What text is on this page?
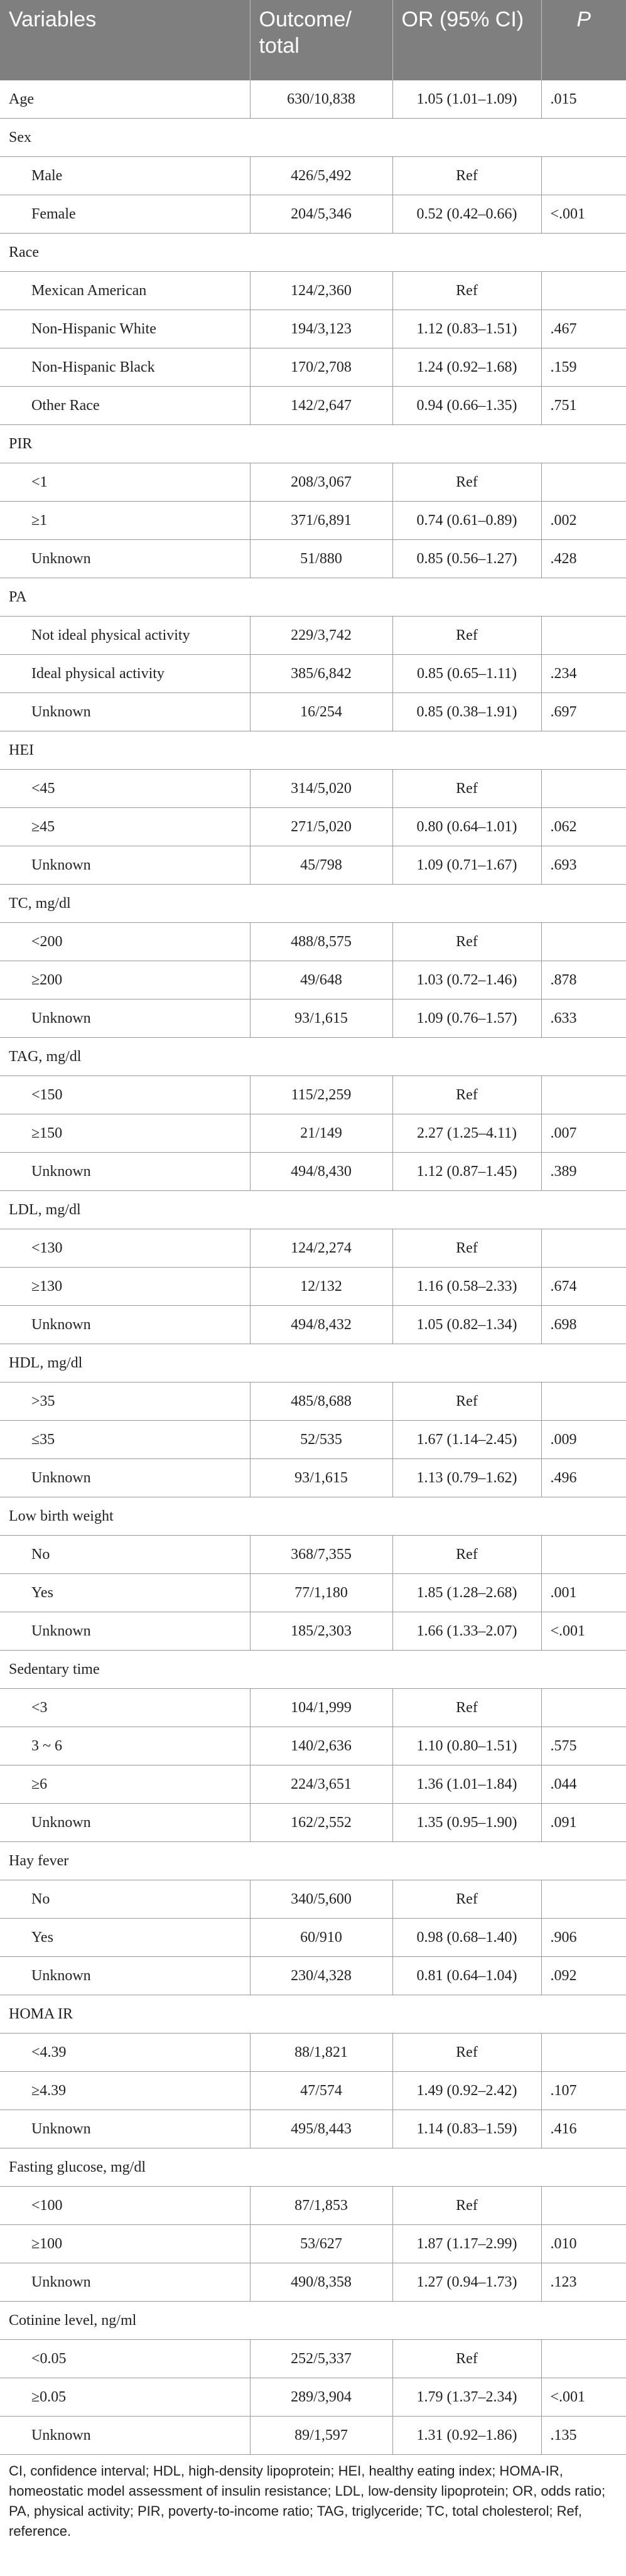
Variables	Outcome/ total	OR (95% CI)	P
Age	630/10,838	1.05 (1.01–1.09)	.015
Sex			
Male	426/5,492	Ref	
Female	204/5,346	0.52 (0.42–0.66)	<.001
Race			
Mexican American	124/2,360	Ref	
Non-Hispanic White	194/3,123	1.12 (0.83–1.51)	.467
Non-Hispanic Black	170/2,708	1.24 (0.92–1.68)	.159
Other Race	142/2,647	0.94 (0.66–1.35)	.751
PIR			
<1	208/3,067	Ref	
≥1	371/6,891	0.74 (0.61–0.89)	.002
Unknown	51/880	0.85 (0.56–1.27)	.428
PA			
Not ideal physical activity	229/3,742	Ref	
Ideal physical activity	385/6,842	0.85 (0.65–1.11)	.234
Unknown	16/254	0.85 (0.38–1.91)	.697
HEI			
<45	314/5,020	Ref	
≥45	271/5,020	0.80 (0.64–1.01)	.062
Unknown	45/798	1.09 (0.71–1.67)	.693
TC, mg/dl			
<200	488/8,575	Ref	
≥200	49/648	1.03 (0.72–1.46)	.878
Unknown	93/1,615	1.09 (0.76–1.57)	.633
TAG, mg/dl			
<150	115/2,259	Ref	
≥150	21/149	2.27 (1.25–4.11)	.007
Unknown	494/8,430	1.12 (0.87–1.45)	.389
LDL, mg/dl			
<130	124/2,274	Ref	
≥130	12/132	1.16 (0.58–2.33)	.674
Unknown	494/8,432	1.05 (0.82–1.34)	.698
HDL, mg/dl			
>35	485/8,688	Ref	
≤35	52/535	1.67 (1.14–2.45)	.009
Unknown	93/1,615	1.13 (0.79–1.62)	.496
Low birth weight			
No	368/7,355	Ref	
Yes	77/1,180	1.85 (1.28–2.68)	.001
Unknown	185/2,303	1.66 (1.33–2.07)	<.001
Sedentary time			
<3	104/1,999	Ref	
3 ~ 6	140/2,636	1.10 (0.80–1.51)	.575
≥6	224/3,651	1.36 (1.01–1.84)	.044
Unknown	162/2,552	1.35 (0.95–1.90)	.091
Hay fever			
No	340/5,600	Ref	
Yes	60/910	0.98 (0.68–1.40)	.906
Unknown	230/4,328	0.81 (0.64–1.04)	.092
HOMA IR			
<4.39	88/1,821	Ref	
≥4.39	47/574	1.49 (0.92–2.42)	.107
Unknown	495/8,443	1.14 (0.83–1.59)	.416
Fasting glucose, mg/dl			
<100	87/1,853	Ref	
≥100	53/627	1.87 (1.17–2.99)	.010
Unknown	490/8,358	1.27 (0.94–1.73)	.123
Cotinine level, ng/ml			
<0.05	252/5,337	Ref	
≥0.05	289/3,904	1.79 (1.37–2.34)	<.001
Unknown	89/1,597	1.31 (0.92–1.86)	.135
CI, confidence interval; HDL, high-density lipoprotein; HEI, healthy eating index; HOMA-IR, homeostatic model assessment of insulin resistance; LDL, low-density lipoprotein; OR, odds ratio; PA, physical activity; PIR, poverty-to-income ratio; TAG, triglyceride; TC, total cholesterol; Ref, reference.
